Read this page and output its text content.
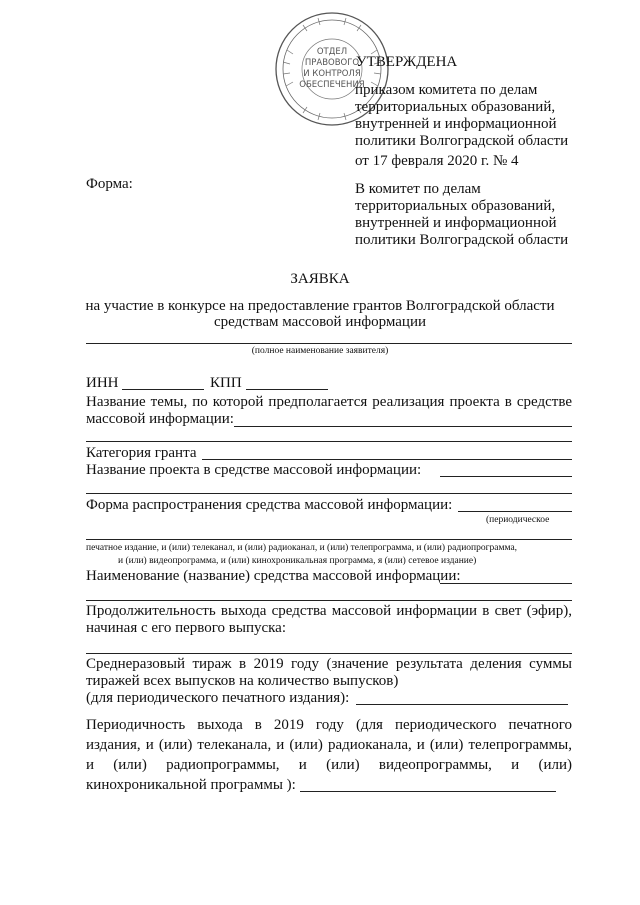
ОТДЕЛ
ПРАВОВОГО
И КОНТРОЛЯ
ОБЕСПЕЧЕНИЯ
УТВЕРЖДЕНА
приказом комитета по делам
территориальных образований,
внутренней и информационной
политики Волгоградской области
от 17 февраля 2020 г. № 4
Форма:	В комитет по делам
территориальных образований,
внутренней и информационной
политики Волгоградской области
ЗАЯВКА
на участие в конкурсе на предоставление грантов Волгоградской области
средствам массовой информации
(полное наименование заявителя)
ИНН	КПП
Название темы, по которой предполагается реализация проекта в средстве
массовой информации:
Категория гранта
Название проекта в средстве массовой информации:
Форма распространения средства массовой информации:
(периодическое
печатное издание, и (или) телеканал, и (или) радиоканал, и (или) телепрограмма, и (или) радиопрограмма,
и (или) видеопрограмма, и (или) кинохроникальная программа, я (или) сетевое издание)
Наименование (название) средства массовой информации:
Продолжительность выхода средства массовой информации в свет (эфир),
начиная с его первого выпуска:
Среднеразовый тираж в 2019 году (значение результата деления суммы
тиражей всех выпусков на количество выпусков)
(для периодического печатного издания):
Периодичность выхода в 2019 году (для периодического печатного
издания, и (или) телеканала, и (или) радиоканала, и (или) телепрограммы,
и (или) радиопрограммы, и (или) видеопрограммы, и (или)
кинохроникальной программы ):
